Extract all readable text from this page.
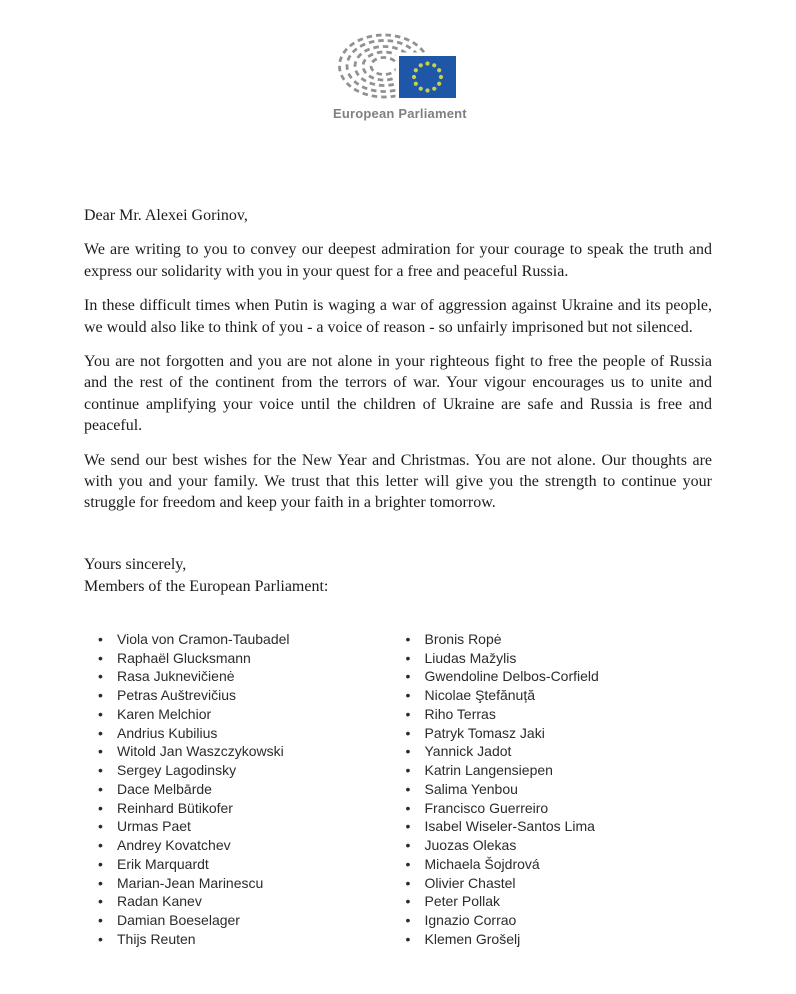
European Parliament

Dear Mr. Alexei Gorinov,

We are writing to you to convey our deepest admiration for your courage to speak the truth and express our solidarity with you in your quest for a free and peaceful Russia.

In these difficult times when Putin is waging a war of aggression against Ukraine and its people, we would also like to think of you - a voice of reason - so unfairly imprisoned but not silenced.

You are not forgotten and you are not alone in your righteous fight to free the people of Russia and the rest of the continent from the terrors of war. Your vigour encourages us to unite and continue amplifying your voice until the children of Ukraine are safe and Russia is free and peaceful.

We send our best wishes for the New Year and Christmas. You are not alone. Our thoughts are with you and your family. We trust that this letter will give you the strength to continue your struggle for freedom and keep your faith in a brighter tomorrow.

Yours sincerely,
Members of the European Parliament:
• Viola von Cramon-Taubadel
• Raphaël Glucksmann
• Rasa Juknevičienė
• Petras Auštrevičius
• Karen Melchior
• Andrius Kubilius
• Witold Jan Waszczykowski
• Sergey Lagodinsky
• Dace Melbārde
• Reinhard Bütikofer
• Urmas Paet
• Andrey Kovatchev
• Erik Marquardt
• Marian-Jean Marinescu
• Radan Kanev
• Damian Boeselager
• Thijs Reuten
• Bronis Ropė
• Liudas Mažylis
• Gwendoline Delbos-Corfield
• Nicolae Ştefănuță
• Riho Terras
• Patryk Tomasz Jaki
• Yannick Jadot
• Katrin Langensiepen
• Salima Yenbou
• Francisco Guerreiro
• Isabel Wiseler-Santos Lima
• Juozas Olekas
• Michaela Šojdrová
• Olivier Chastel
• Peter Pollak
• Ignazio Corrao
• Klemen Grošelj
